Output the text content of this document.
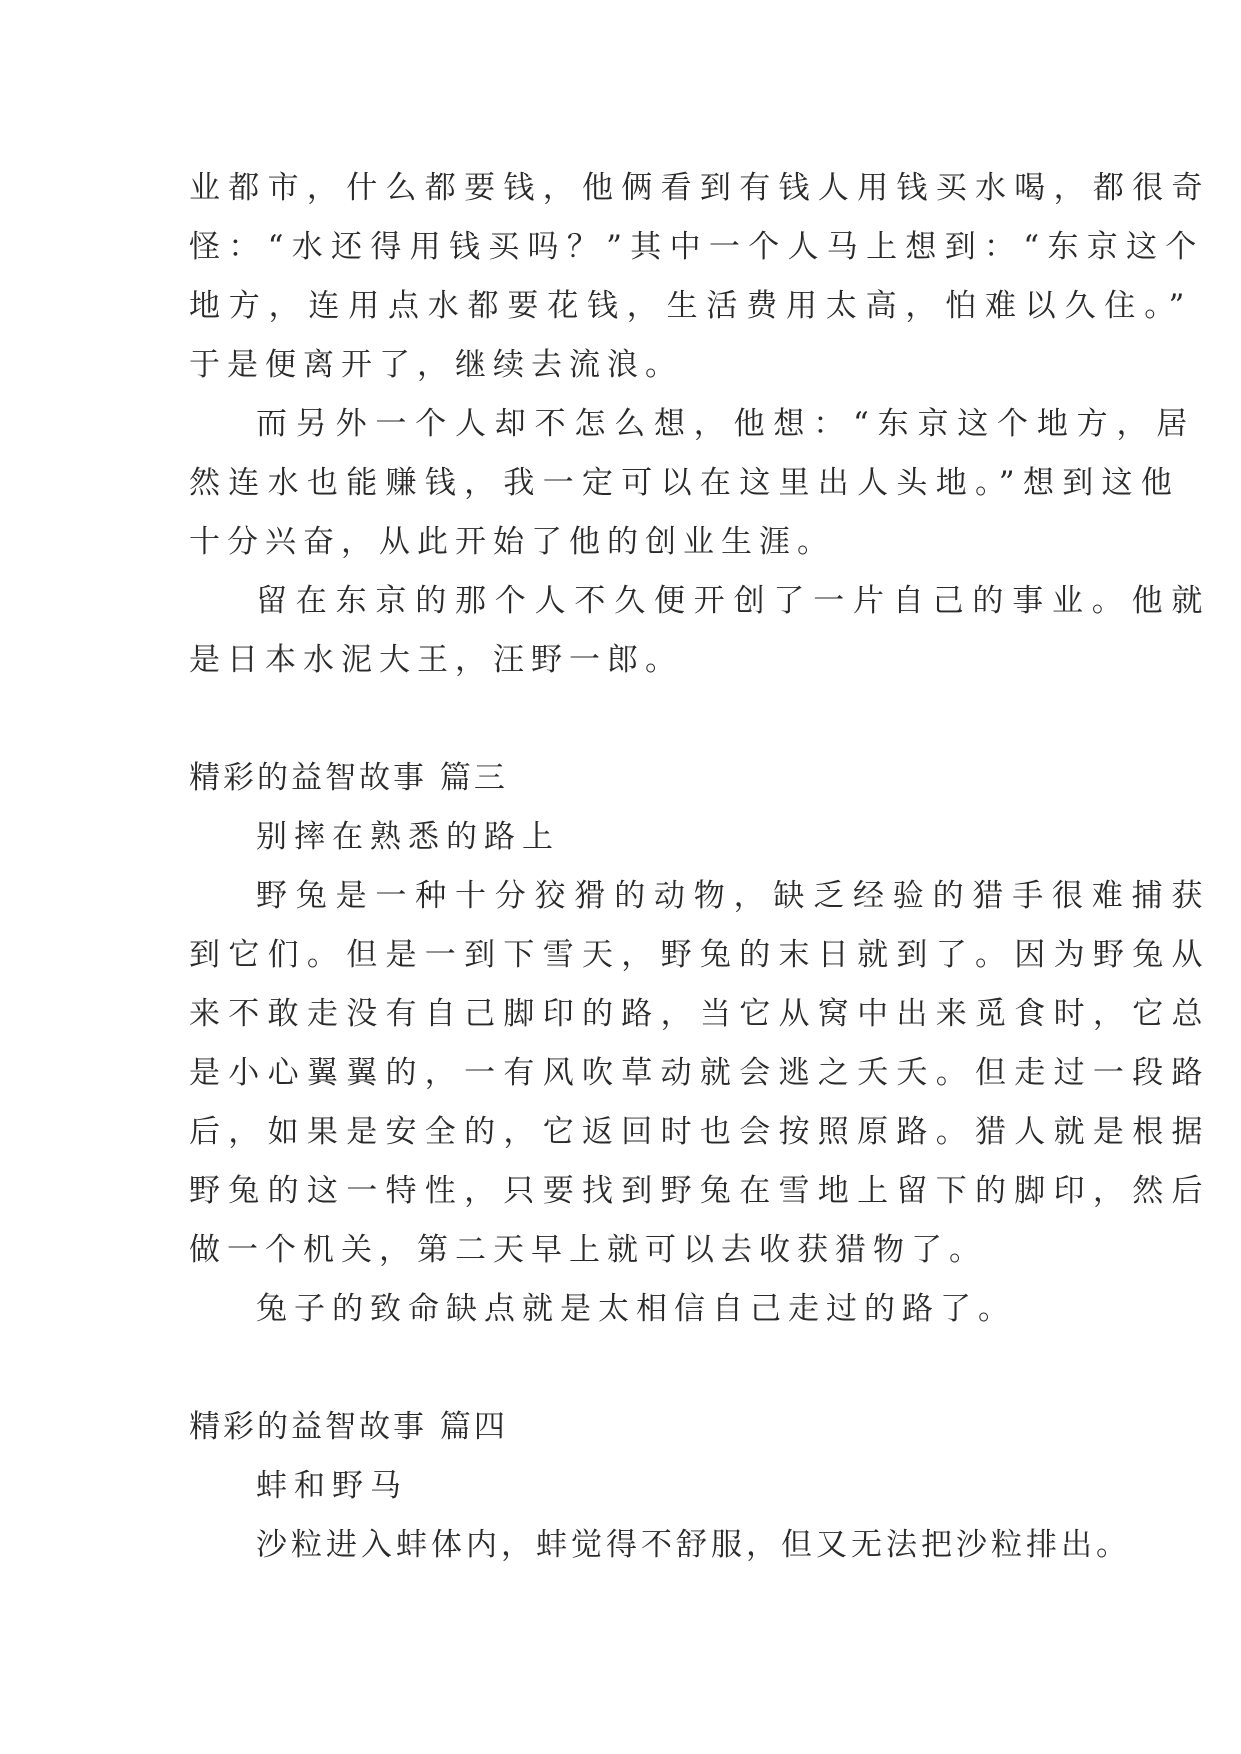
业都市，什么都要钱，他俩看到有钱人用钱买水喝，都很奇
怪：“水还得用钱买吗？”其中一个人马上想到：“东京这个
地方，连用点水都要花钱，生活费用太高，怕难以久住。”
于是便离开了，继续去流浪。
而另外一个人却不怎么想，他想：“东京这个地方，居
然连水也能赚钱，我一定可以在这里出人头地。”想到这他
十分兴奋，从此开始了他的创业生涯。
留在东京的那个人不久便开创了一片自己的事业。他就
是日本水泥大王，汪野一郎。
精彩的益智故事 篇三
别摔在熟悉的路上
野兔是一种十分狡猾的动物，缺乏经验的猎手很难捕获
到它们。但是一到下雪天，野兔的末日就到了。因为野兔从
来不敢走没有自己脚印的路，当它从窝中出来觅食时，它总
是小心翼翼的，一有风吹草动就会逃之夭夭。但走过一段路
后，如果是安全的，它返回时也会按照原路。猎人就是根据
野兔的这一特性，只要找到野兔在雪地上留下的脚印，然后
做一个机关，第二天早上就可以去收获猎物了。
兔子的致命缺点就是太相信自己走过的路了。
精彩的益智故事 篇四
蚌和野马
沙粒进入蚌体内，蚌觉得不舒服，但又无法把沙粒排出。
